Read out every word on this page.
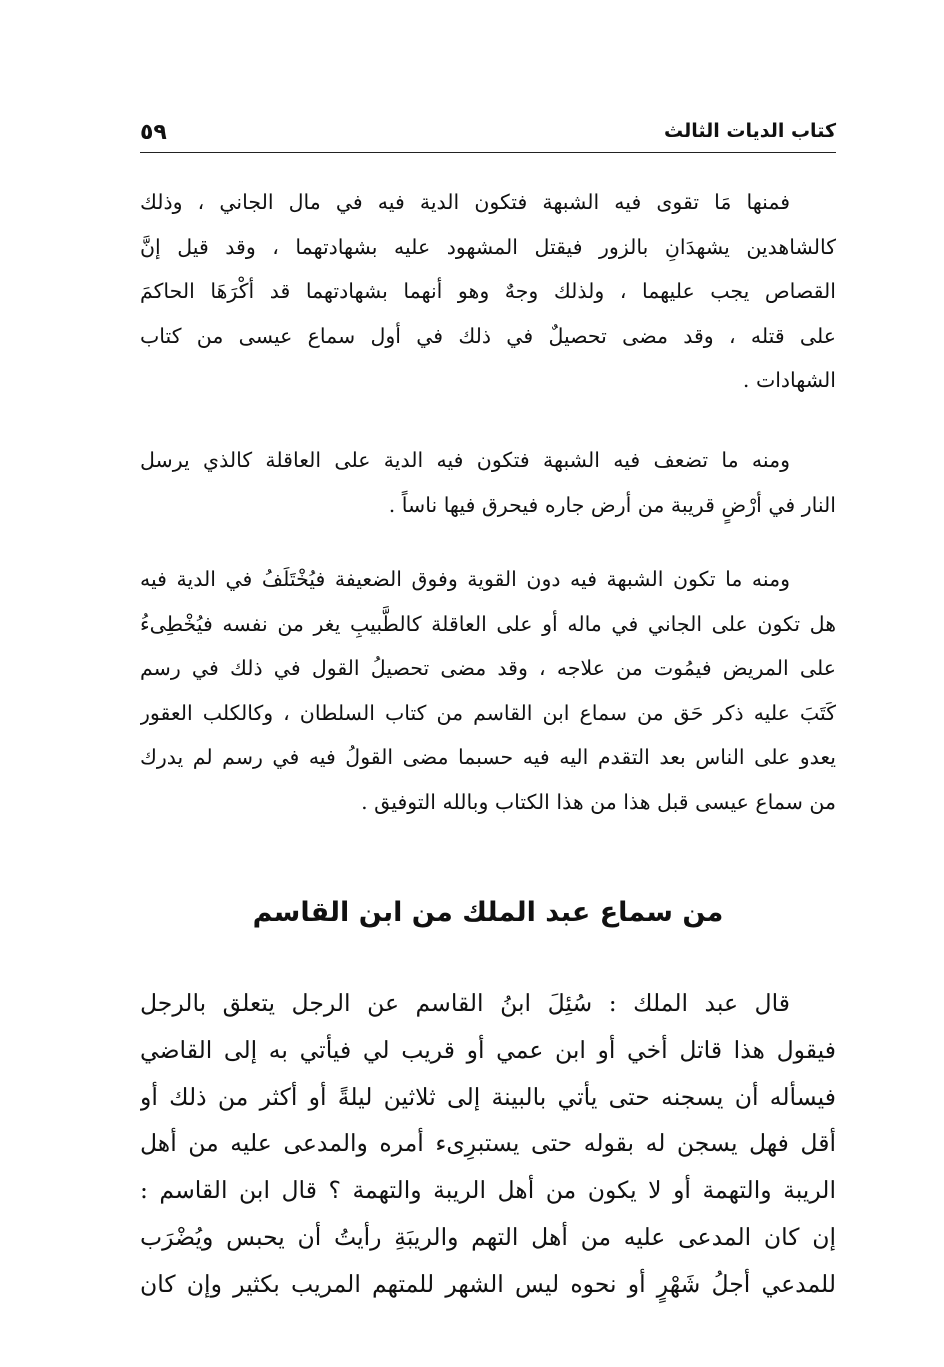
كتاب الديات الثالث
٥٩
فمنها مَا تقوى فيه الشبهة فتكون الدية فيه في مال الجاني ، وذلك
كالشاهدين يشهدَانِ بالزور فيقتل المشهود عليه بشهادتهما ، وقد قيل إنَّ
القصاص يجب عليهما ، ولذلك وجهٌ وهو أنهما بشهادتهما قد أكْرَهَا الحاكمَ
على قتله ، وقد مضى تحصيلٌ في ذلك في أول سماع عيسى من كتاب
الشهادات .
ومنه ما تضعف فيه الشبهة فتكون فيه الدية على العاقلة كالذي يرسل
النار في أرْضٍ قريبة من أرض جاره فيحرق فيها ناساً .
ومنه ما تكون الشبهة فيه دون القوية وفوق الضعيفة فيُخْتَلَفُ في الدية فيه
هل تكون على الجاني في ماله أو على العاقلة كالطَّبيبِ يغر من نفسه فيُخْطِىءُ
على المريض فيمُوت من علاجه ، وقد مضى تحصيلُ القول في ذلك في رسم
كَتَبَ عليه ذكر حَق من سماع ابن القاسم من كتاب السلطان ، وكالكلب العقور
يعدو على الناس بعد التقدم اليه فيه حسبما مضى القولُ فيه في رسم لم يدرك
من سماع عيسى قبل هذا من هذا الكتاب وبالله التوفيق .
من سماع عبد الملك من ابن القاسم
قال عبد الملك : سُئِلَ ابنُ القاسم عن الرجل يتعلق بالرجل
فيقول هذا قاتل أخي أو ابن عمي أو قريب لي فيأتي به إلى القاضي
فيسأله أن يسجنه حتى يأتي بالبينة إلى ثلاثين ليلةً أو أكثر من ذلك أو
أقل فهل يسجن له بقوله حتى يستبرِىء أمره والمدعى عليه من أهل
الريبة والتهمة أو لا يكون من أهل الريبة والتهمة ؟ قال ابن القاسم :
إن كان المدعى عليه من أهل التهم والريبَةِ رأيتُ أن يحبس ويُضْرَب
للمدعي أجلُ شَهْرٍ أو نحوه ليس الشهر للمتهم المريب بكثير وإن كان
